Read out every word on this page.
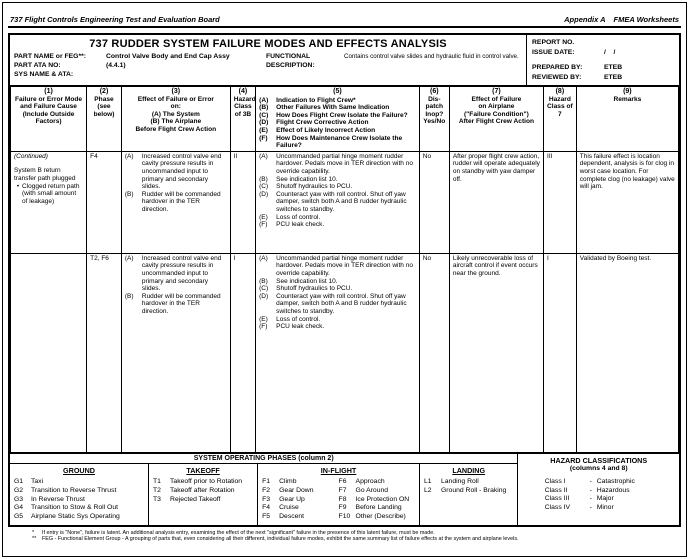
737 Flight Controls Engineering Test and Evaluation Board	Appendix A    FMEA Worksheets
737 RUDDER SYSTEM FAILURE MODES AND EFFECTS ANALYSIS
PART NAME or FEG**:	Control Valve Body and End Cap Assy	FUNCTIONAL	Contains control valve slides and hydraulic fluid in control valve.
PART ATA NO:	(4.4.1)	DESCRIPTION:
SYS NAME & ATA:
REPORT NO.
ISSUE DATE:	/    /
PREPARED BY:	ETEB
REVIEWED BY:	ETEB
(1)
Failure or Error Mode and Failure Cause (Include Outside Factors)	
(2)
Phase (see below)	
(3)
Effect of Failure or Error
on:
(A) The System
(B) The Airplane
Before Flight Crew Action

(4)
Hazard Class of 3B	
(5)
(A)	Indication to Flight Crew*
(B)	Other Failures With Same Indication
(C)	How Does Flight Crew Isolate the Failure?
(D)	Flight Crew Corrective Action
(E)	Effect of Likely Incorrect Action
(F)	How Does Maintenance Crew Isolate the Failure?

(6)
Dis-
patch
Inop?
Yes/No

(7)
Effect of Failure
on Airplane
("Failure Condition")
After Flight Crew Action

(8)
Hazard Class of 7	
(9)
Remarks

(Continued)
System B return transfer path plugged
• Clogged return path (with small amount of leakage)
	F4	(A)	Increased control valve end cavity pressure results in uncommanded input to primary and secondary slides.
(B)	Rudder will be commanded hardover in the TER direction.
	II	(A)	Uncommanded partial hinge moment rudder hardover. Pedals move in TER direction with no override capability.
(B)	See indication list 10.
(C)	Shutoff hydraulics to PCU.
(D)	Counteract yaw with roll control. Shut off yaw damper, switch both A and B rudder hydraulic switches to standby.
(E)	Loss of control.
(F)	PCU leak check.
	No	After proper flight crew action, rudder will operate adequately on standby with yaw damper off.	III	This failure effect is location dependent, analysis is for clog in worst case location. For complete clog (no leakage) valve will jam.
	T2, F6	(A)	Increased control valve end cavity pressure results in uncommanded input to primary and secondary slides.
(B)	Rudder will be commanded hardover in the TER direction.
	I	(A)	Uncommanded partial hinge moment rudder hardover. Pedals move in TER direction with no override capability.
(B)	See indication list 10.
(C)	Shutoff hydraulics to PCU.
(D)	Counteract yaw with roll control. Shut off yaw damper, switch both A and B rudder hydraulic switches to standby.
(E)	Loss of control.
(F)	PCU leak check.
	No	Likely unrecoverable loss of aircraft control if event occurs near the ground.	I	Validated by Boeing test.
SYSTEM OPERATING PHASES (column 2)
GROUND
G1	Taxi
G2	Transition to Reverse Thrust
G3	In Reverse Thrust
G4	Transition to Stow & Roll Out
G5	Airplane Static Sys Operating
TAKEOFF
T1	Takeoff prior to Rotation
T2	Takeoff after Rotation
T3	Rejected Takeoff
IN-FLIGHT
F1	Climb
F2	Gear Down
F3	Gear Up
F4	Cruise
F5	Descent
F6	Approach
F7	Go Around
F8	Ice Protection ON
F9	Before Landing
F10 Other (Describe)
LANDING
L1	Landing Roll
L2	Ground Roll - Braking
HAZARD CLASSIFICATIONS
(columns 4 and 8)
Class I	- Catastrophic
Class II	- Hazardous
Class III	- Major
Class IV	- Minor
*	If entry is "None", failure is latent. An additional analysis entry, examining the effect of the next "significant" failure in the presence of this latent failure, must be made.
**	FEG - Functional Element Group - A grouping of parts that, even considering all their different, individual failure modes, exhibit the same summary list of failure effects at the system and airplane levels.
